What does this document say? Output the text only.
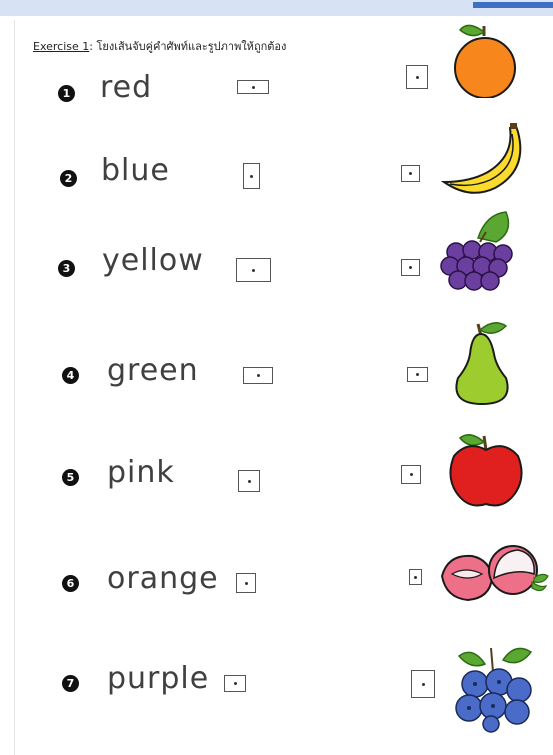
Exercise 1: โยงเส้นจับคู่คำศัพท์และรูปภาพให้ถูกต้อง
1 red
2 blue
3 yellow
4 green
5 pink
6 orange
7 purple
